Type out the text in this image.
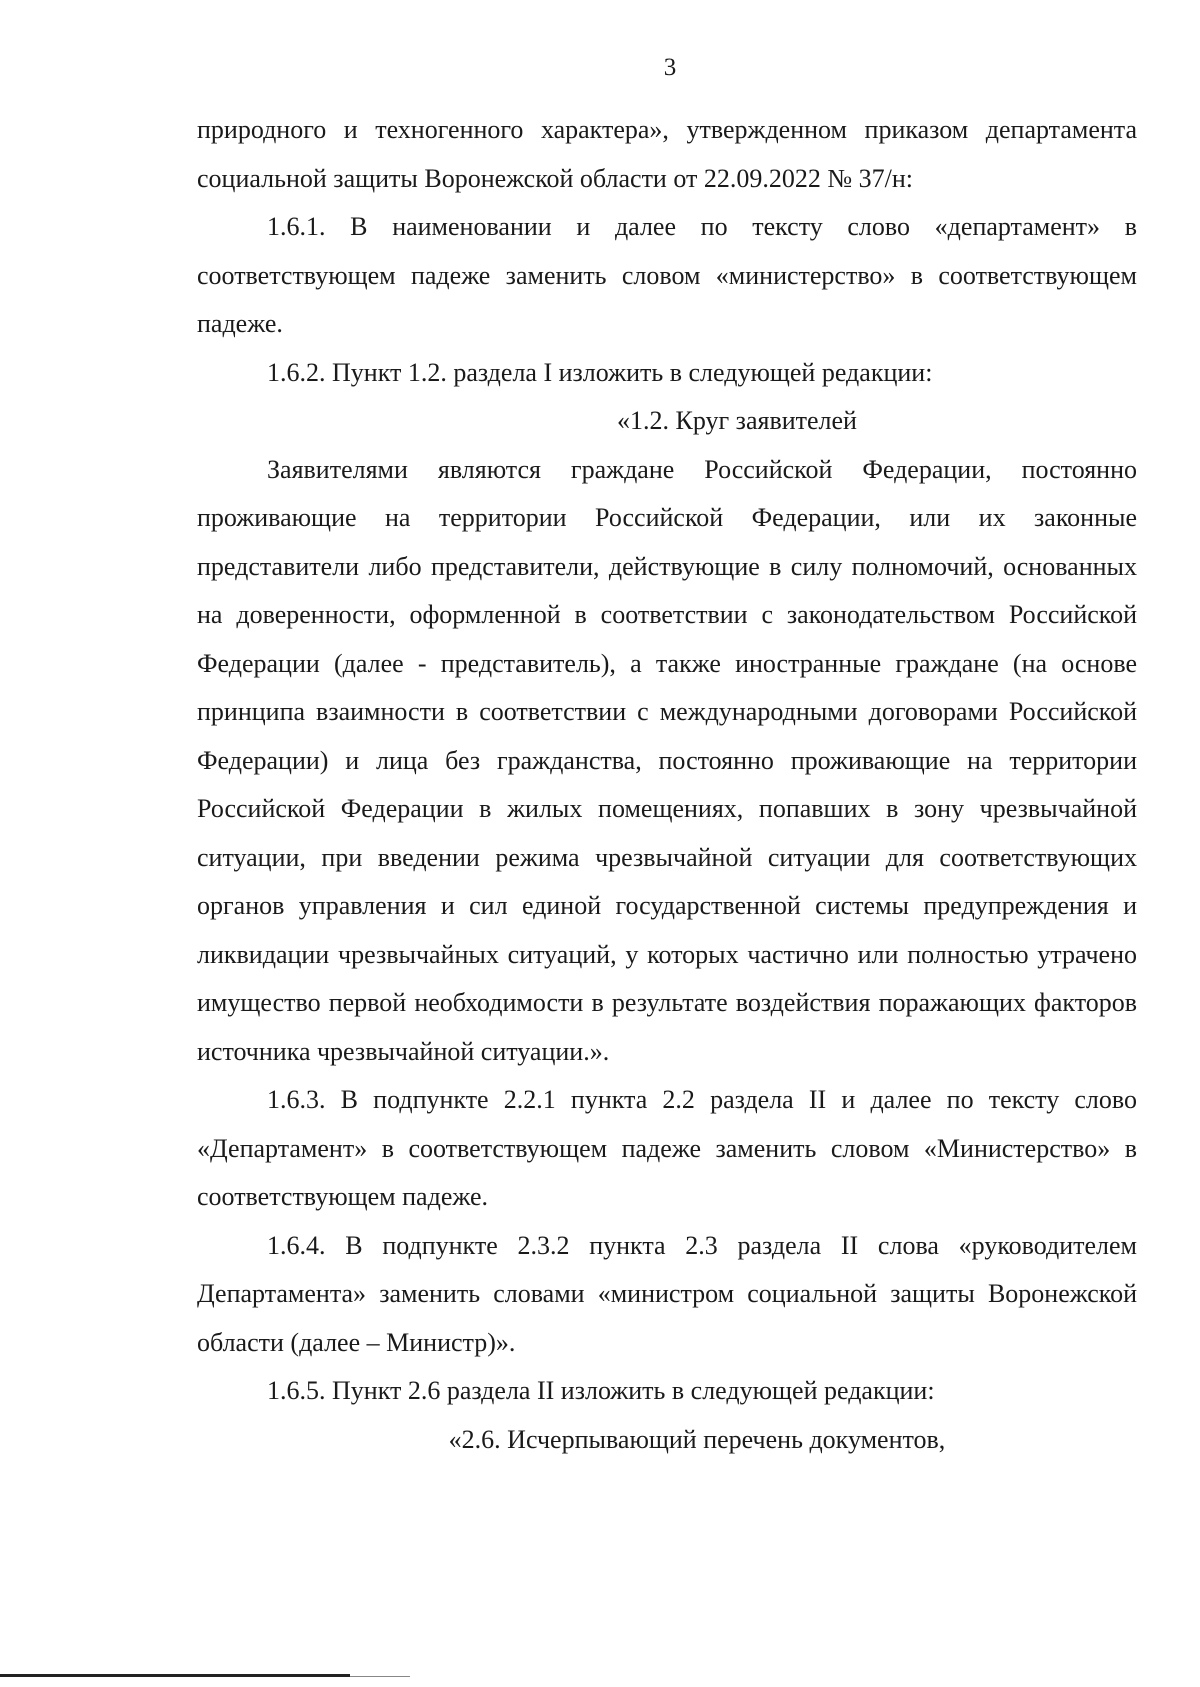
3

природного и техногенного характера», утвержденном приказом департамента социальной защиты Воронежской области от 22.09.2022 № 37/н:

1.6.1. В наименовании и далее по тексту слово «департамент» в соответствующем падеже заменить словом «министерство» в соответствующем падеже.

1.6.2. Пункт 1.2. раздела I изложить в следующей редакции:

«1.2. Круг заявителей

Заявителями являются граждане Российской Федерации, постоянно проживающие на территории Российской Федерации, или их законные представители либо представители, действующие в силу полномочий, основанных на доверенности, оформленной в соответствии с законодательством Российской Федерации (далее - представитель), а также иностранные граждане (на основе принципа взаимности в соответствии с международными договорами Российской Федерации) и лица без гражданства, постоянно проживающие на территории Российской Федерации в жилых помещениях, попавших в зону чрезвычайной ситуации, при введении режима чрезвычайной ситуации для соответствующих органов управления и сил единой государственной системы предупреждения и ликвидации чрезвычайных ситуаций, у которых частично или полностью утрачено имущество первой необходимости в результате воздействия поражающих факторов источника чрезвычайной ситуации.».

1.6.3. В подпункте 2.2.1 пункта 2.2 раздела II и далее по тексту слово «Департамент» в соответствующем падеже заменить словом «Министерство» в соответствующем падеже.

1.6.4. В подпункте 2.3.2 пункта 2.3 раздела II слова «руководителем Департамента» заменить словами «министром социальной защиты Воронежской области (далее – Министр)».

1.6.5. Пункт 2.6 раздела II изложить в следующей редакции:

«2.6. Исчерпывающий перечень документов,
